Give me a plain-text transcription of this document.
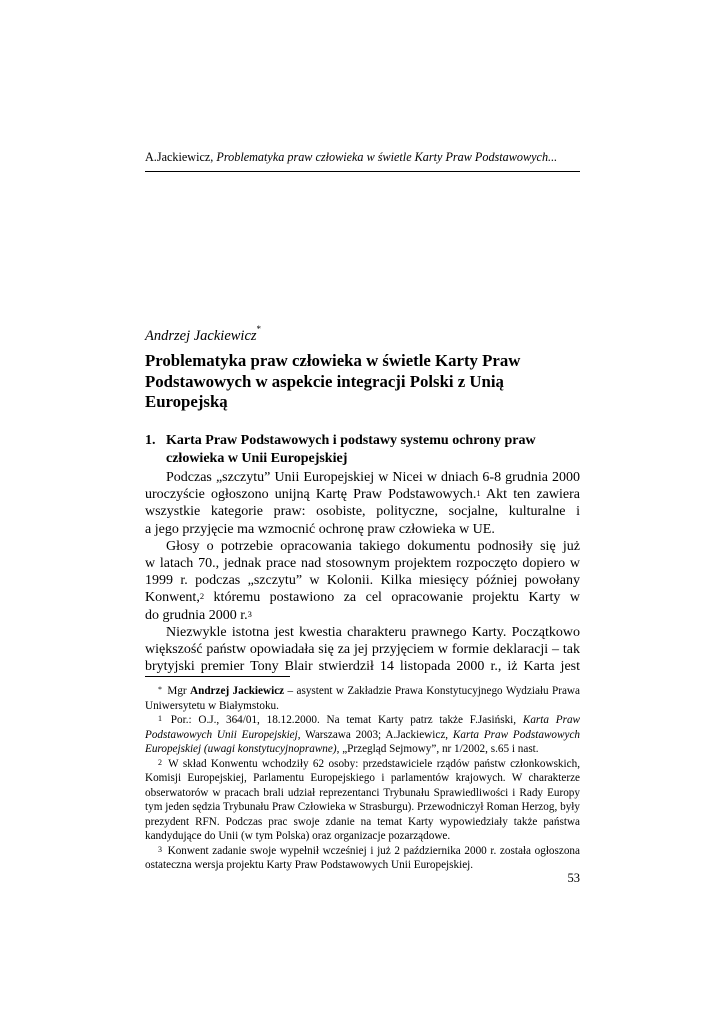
A.Jackiewicz, Problematyka praw człowieka w świetle Karty Praw Podstawowych...
Andrzej Jackiewicz*
Problematyka praw człowieka w świetle Karty Praw
Podstawowych w aspekcie integracji Polski z Unią
Europejską
1. Karta Praw Podstawowych i podstawy systemu ochrony praw
człowieka w Unii Europejskiej
Podczas „szczytu” Unii Europejskiej w Nicei w dniach 6-8 grudnia 2000
uroczyście ogłoszono unijną Kartę Praw Podstawowych.$^1$ Akt ten zawiera
wszystkie kategorie praw: osobiste, polityczne, socjalne, kulturalne i
a jego przyjęcie ma wzmocnić ochronę praw człowieka w UE.
Głosy o potrzebie opracowania takiego dokumentu podnosiły się już
w latach 70., jednak prace nad stosownym projektem rozpoczęto dopiero w
1999 r. podczas „szczytu” w Kolonii. Kilka miesięcy później powołany
Konwent,$^2$ któremu postawiono za cel opracowanie projektu Karty w
do grudnia 2000 r.$^3$
Niezwykle istotna jest kwestia charakteru prawnego Karty. Początkowo
większość państw opowiadała się za jej przyjęciem w formie deklaracji – tak
brytyjski premier Tony Blair stwierdził 14 listopada 2000 r., iż Karta jest
* Mgr Andrzej Jackiewicz – asystent w Zakładzie Prawa Konstytucyjnego Wydziału Prawa
Uniwersytetu w Białymstoku.
$^1$ Por.: O.J., 364/01, 18.12.2000. Na temat Karty patrz także F.Jasiński, Karta Praw
Podstawowych Unii Europejskiej, Warszawa 2003; A.Jackiewicz, Karta Praw Podstawowych
Europejskiej (uwagi konstytucyjnoprawne), „Przegląd Sejmowy”, nr 1/2002, s.65 i nast.
$^2$ W skład Konwentu wchodziły 62 osoby: przedstawiciele rządów państw członkowskich,
Komisji Europejskiej, Parlamentu Europejskiego i parlamentów krajowych. W charakterze
obserwatorów w pracach brali udział reprezentanci Trybunału Sprawiedliwości i Rady Europy
tym jeden sędzia Trybunału Praw Człowieka w Strasburgu). Przewodniczył Roman Herzog, były
prezydent RFN. Podczas prac swoje zdanie na temat Karty wypowiedziały także państwa
kandydujące do Unii (w tym Polska) oraz organizacje pozarządowe.
$^3$ Konwent zadanie swoje wypełnił wcześniej i już 2 października 2000 r. została ogłoszona
ostateczna wersja projektu Karty Praw Podstawowych Unii Europejskiej.
53
